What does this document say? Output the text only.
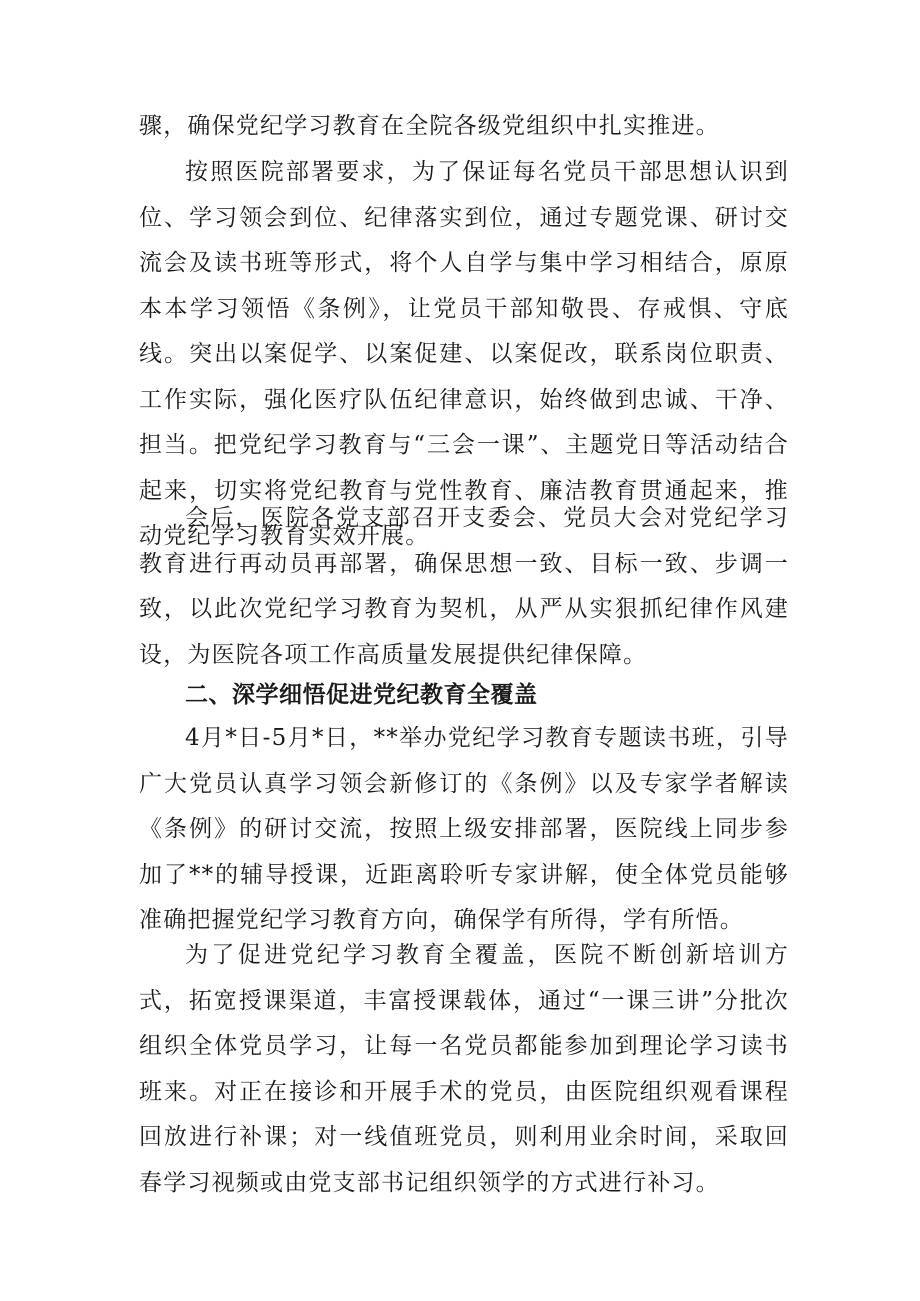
骤，确保党纪学习教育在全院各级党组织中扎实推进。

按照医院部署要求，为了保证每名党员干部思想认识到位、学习领会到位、纪律落实到位，通过专题党课、研讨交流会及读书班等形式，将个人自学与集中学习相结合，原原本本学习领悟《条例》，让党员干部知敬畏、存戒惧、守底线。突出以案促学、以案促建、以案促改，联系岗位职责、工作实际，强化医疗队伍纪律意识，始终做到忠诚、干净、担当。把党纪学习教育与“三会一课”、主题党日等活动结合起来，切实将党纪教育与党性教育、廉洁教育贯通起来，推动党纪学习教育实效开展。

会后，医院各党支部召开支委会、党员大会对党纪学习教育进行再动员再部署，确保思想一致、目标一致、步调一致，以此次党纪学习教育为契机，从严从实狠抓纪律作风建设，为医院各项工作高质量发展提供纪律保障。

二、深学细悟促进党纪教育全覆盖

4月*日-5月*日，**举办党纪学习教育专题读书班，引导广大党员认真学习领会新修订的《条例》以及专家学者解读《条例》的研讨交流，按照上级安排部署，医院线上同步参加了**的辅导授课，近距离聆听专家讲解，使全体党员能够准确把握党纪学习教育方向，确保学有所得，学有所悟。

为了促进党纪学习教育全覆盖，医院不断创新培训方式，拓宽授课渠道，丰富授课载体，通过“一课三讲”分批次组织全体党员学习，让每一名党员都能参加到理论学习读书班来。对正在接诊和开展手术的党员，由医院组织观看课程回放进行补课；对一线值班党员，则利用业余时间，采取回春学习视频或由党支部书记组织领学的方式进行补习。
